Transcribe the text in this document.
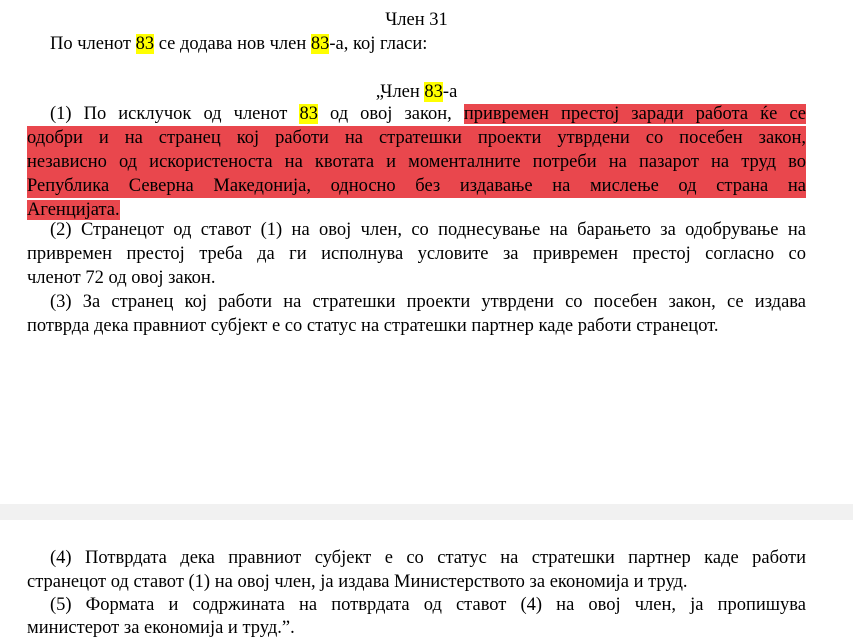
Член 31
По членот 83 се додава нов член 83-а, кој гласи:
„Член 83-а
(1) По исклучок од членот 83 од овој закон, привремен престој заради работа ќе се
одобри и на странец кој работи на стратешки проекти утврдени со посебен закон,
независно од искористеноста на квотата и моменталните потреби на пазарот на труд во
Република Северна Македонија, односно без издавање на мислење од страна на
Агенцијата.
(2) Странецот од ставот (1) на овој член, со поднесување на барањето за одобрување на
привремен престој треба да ги исполнува условите за привремен престој согласно со
членот 72 од овој закон.
(3) За странец кој работи на стратешки проекти утврдени со посебен закон, се издава
потврда дека правниот субјект е со статус на стратешки партнер каде работи странецот.
(4) Потврдата дека правниот субјект е со статус на стратешки партнер каде работи
странецот од ставот (1) на овој член, ја издава Министерството за економија и труд.
(5) Формата и содржината на потврдата од ставот (4) на овој член, ја пропишува
министерот за економија и труд.”.
